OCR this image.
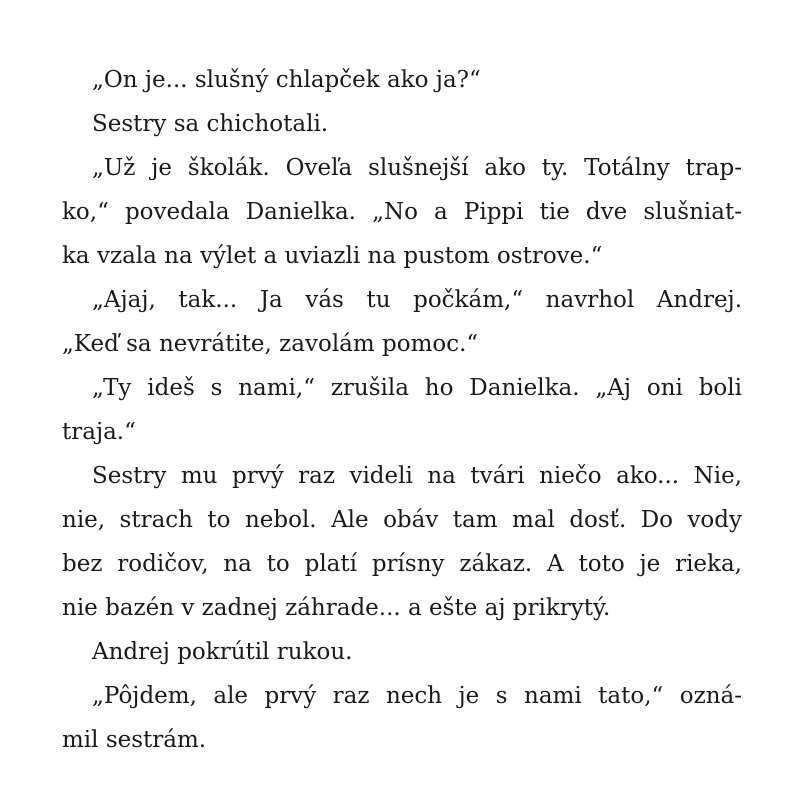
„On je... slušný chlapček ako ja?“
Sestry sa chichotali.
„Už je školák. Oveľa slušnejší ako ty. Totálny trap-
ko,“ povedala Danielka. „No a Pippi tie dve slušniat-
ka vzala na výlet a uviazli na pustom ostrove.“
„Ajaj, tak... Ja vás tu počkám,“ navrhol Andrej.
„Keď sa nevrátite, zavolám pomoc.“
„Ty ideš s nami,“ zrušila ho Danielka. „Aj oni boli
traja.“
Sestry mu prvý raz videli na tvári niečo ako... Nie,
nie, strach to nebol. Ale obáv tam mal dosť. Do vody
bez rodičov, na to platí prísny zákaz. A toto je rieka,
nie bazén v zadnej záhrade... a ešte aj prikrytý.
Andrej pokrútil rukou.
„Pôjdem, ale prvý raz nech je s nami tato,“ ozná-
mil sestrám.
